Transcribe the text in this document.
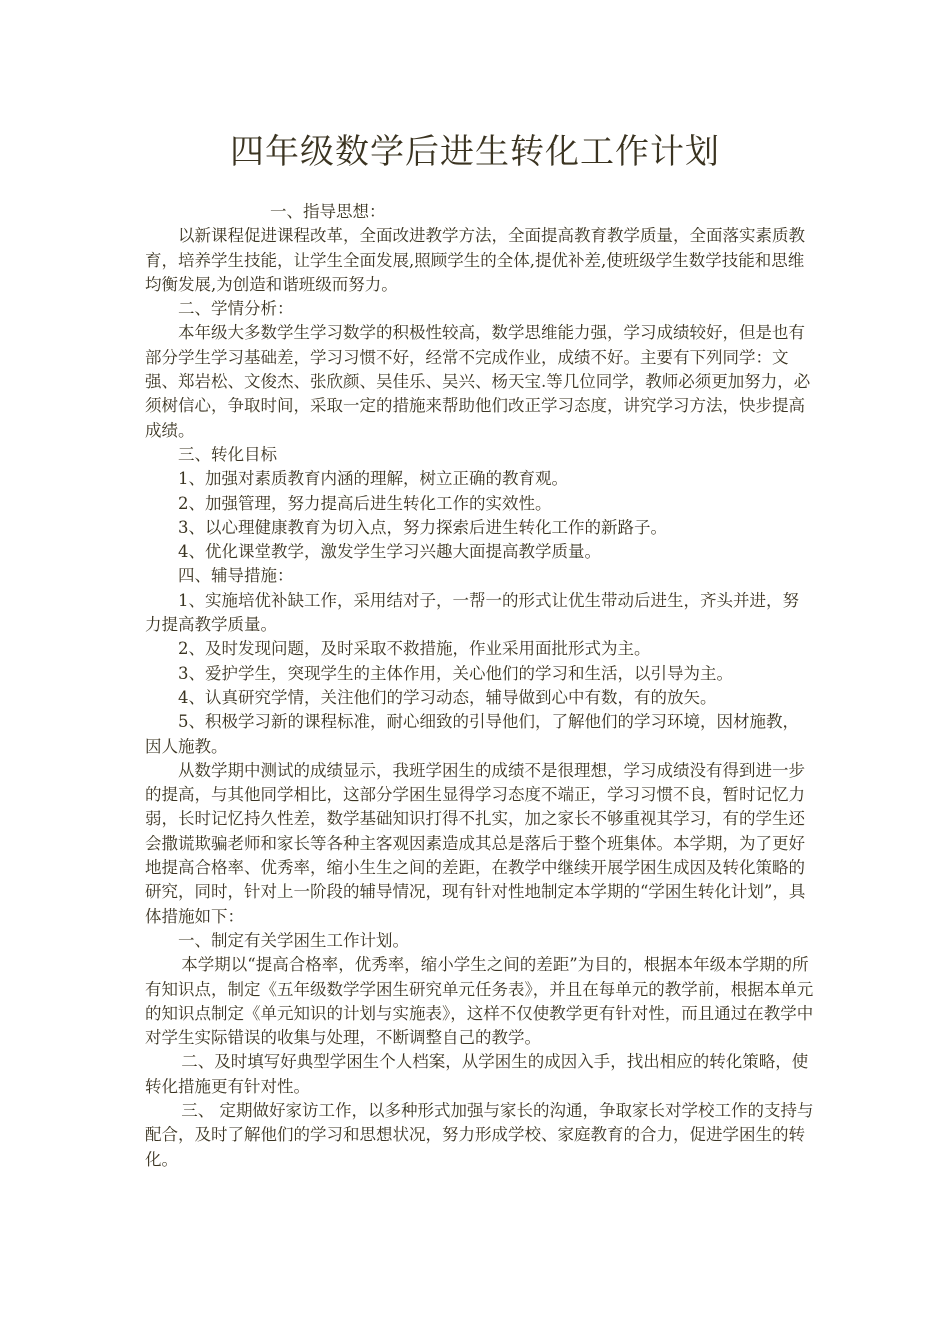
四年级数学后进生转化工作计划

一、指导思想：

以新课程促进课程改革，全面改进教学方法，全面提高教育教学质量，全面落实素质教育，培养学生技能，让学生全面发展,照顾学生的全体,提优补差,使班级学生数学技能和思维均衡发展,为创造和谐班级而努力。

二、学情分析：

本年级大多数学生学习数学的积极性较高，数学思维能力强，学习成绩较好，但是也有部分学生学习基础差，学习习惯不好，经常不完成作业，成绩不好。主要有下列同学：文强、郑岩松、文俊杰、张欣颜、吴佳乐、吴兴、杨天宝.等几位同学，教师必须更加努力，必须树信心，争取时间，采取一定的措施来帮助他们改正学习态度，讲究学习方法，快步提高成绩。

三、转化目标

1、加强对素质教育内涵的理解，树立正确的教育观。

2、加强管理，努力提高后进生转化工作的实效性。

3、以心理健康教育为切入点，努力探索后进生转化工作的新路子。

4、优化课堂教学，激发学生学习兴趣大面提高教学质量。

四、辅导措施：

1、实施培优补缺工作，采用结对子，一帮一的形式让优生带动后进生，齐头并进，努力提高教学质量。

2、及时发现问题，及时采取不救措施，作业采用面批形式为主。

3、爱护学生，突现学生的主体作用，关心他们的学习和生活，以引导为主。

4、认真研究学情，关注他们的学习动态，辅导做到心中有数，有的放矢。

5、积极学习新的课程标准，耐心细致的引导他们，了解他们的学习环境，因材施教，因人施教。

从数学期中测试的成绩显示，我班学困生的成绩不是很理想，学习成绩没有得到进一步的提高，与其他同学相比，这部分学困生显得学习态度不端正，学习习惯不良，暂时记忆力弱，长时记忆持久性差，数学基础知识打得不扎实，加之家长不够重视其学习，有的学生还会撒谎欺骗老师和家长等各种主客观因素造成其总是落后于整个班集体。本学期，为了更好地提高合格率、优秀率，缩小生生之间的差距，在教学中继续开展学困生成因及转化策略的研究，同时，针对上一阶段的辅导情况，现有针对性地制定本学期的“学困生转化计划”，具体措施如下：

一、制定有关学困生工作计划。

本学期以“提高合格率，优秀率，缩小学生之间的差距”为目的，根据本年级本学期的所有知识点，制定《五年级数学学困生研究单元任务表》，并且在每单元的教学前，根据本单元的知识点制定《单元知识的计划与实施表》，这样不仅使教学更有针对性，而且通过在教学中对学生实际错误的收集与处理，不断调整自己的教学。

二、及时填写好典型学困生个人档案，从学困生的成因入手，找出相应的转化策略，使转化措施更有针对性。

三、 定期做好家访工作，以多种形式加强与家长的沟通，争取家长对学校工作的支持与配合，及时了解他们的学习和思想状况，努力形成学校、家庭教育的合力，促进学困生的转化。
